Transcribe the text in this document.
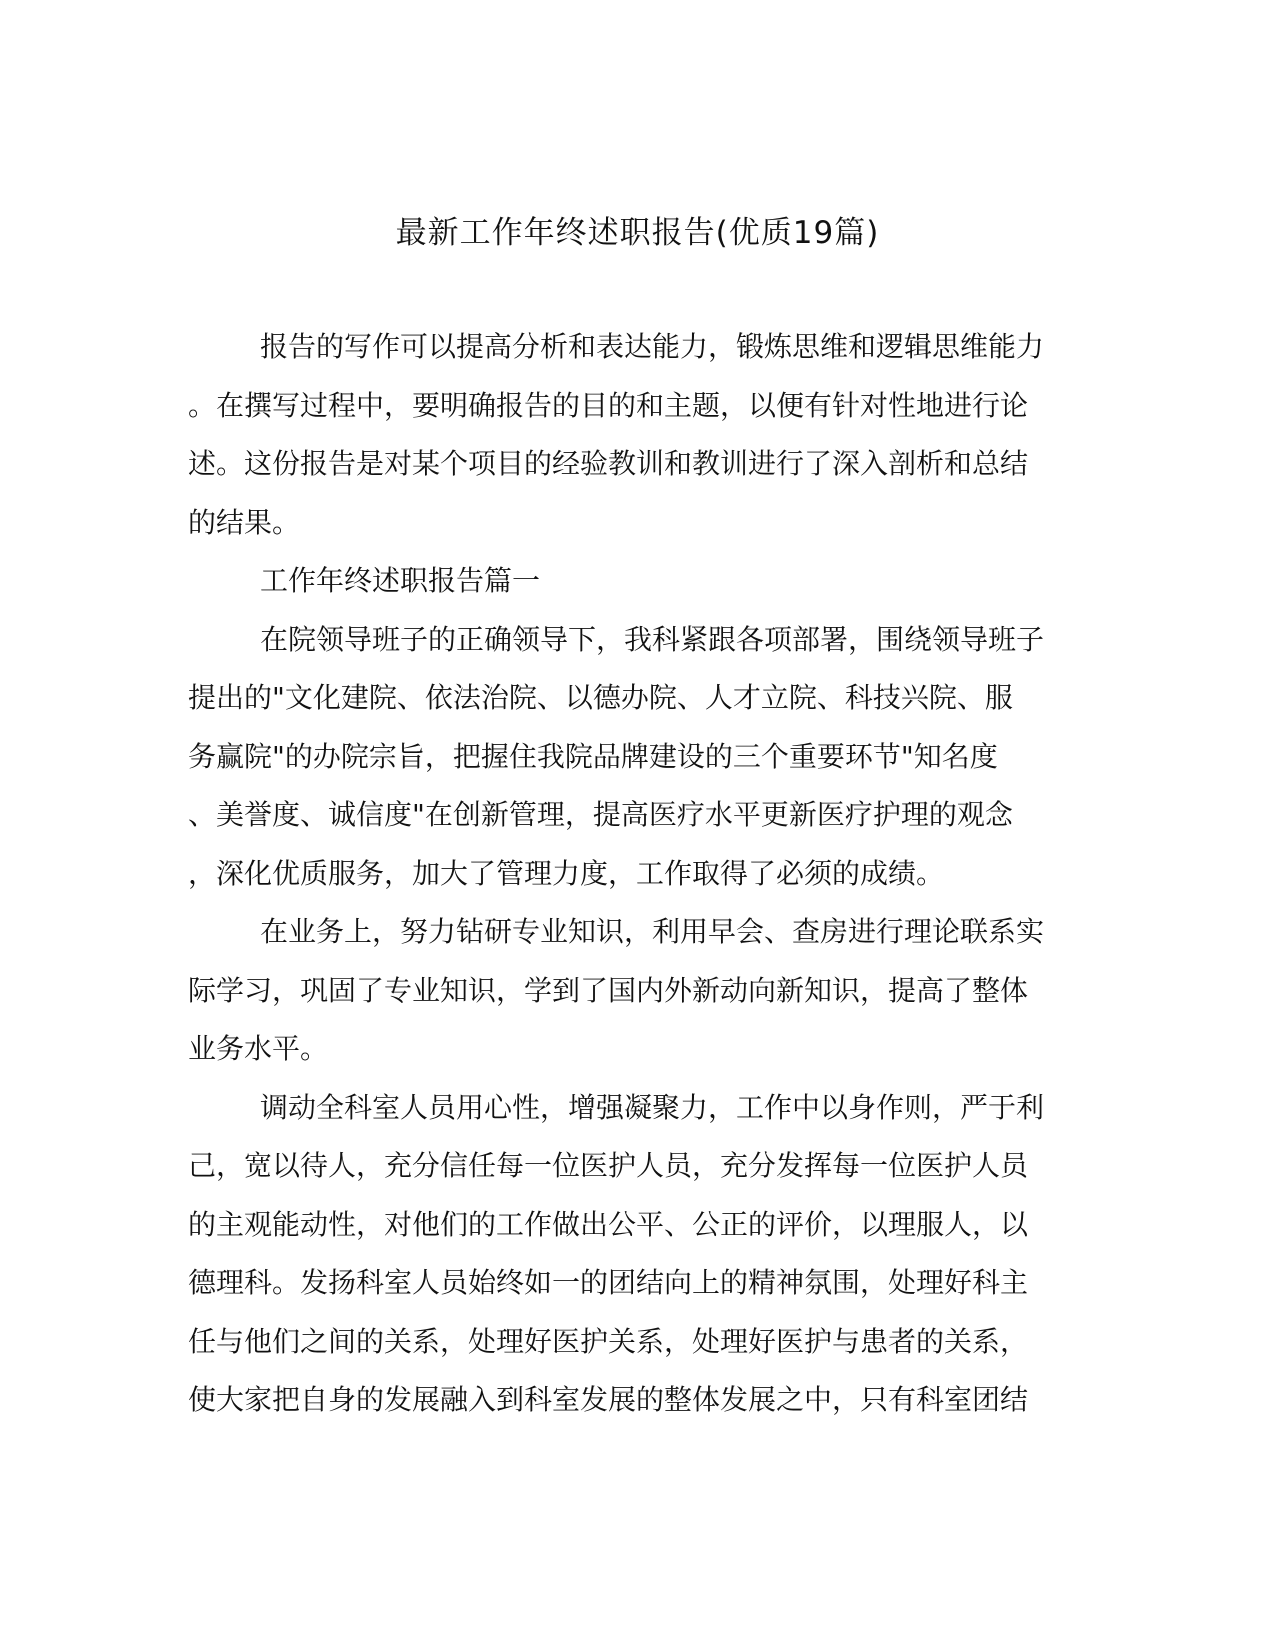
最新工作年终述职报告(优质19篇)
报告的写作可以提高分析和表达能力，锻炼思维和逻辑思维能力
。在撰写过程中，要明确报告的目的和主题，以便有针对性地进行论
述。这份报告是对某个项目的经验教训和教训进行了深入剖析和总结
的结果。
工作年终述职报告篇一
在院领导班子的正确领导下，我科紧跟各项部署，围绕领导班子
提出的"文化建院、依法治院、以德办院、人才立院、科技兴院、服
务赢院"的办院宗旨，把握住我院品牌建设的三个重要环节"知名度
、美誉度、诚信度"在创新管理，提高医疗水平更新医疗护理的观念
，深化优质服务，加大了管理力度，工作取得了必须的成绩。
在业务上，努力钻研专业知识，利用早会、查房进行理论联系实
际学习，巩固了专业知识，学到了国内外新动向新知识，提高了整体
业务水平。
调动全科室人员用心性，增强凝聚力，工作中以身作则，严于利
己，宽以待人，充分信任每一位医护人员，充分发挥每一位医护人员
的主观能动性，对他们的工作做出公平、公正的评价，以理服人，以
德理科。发扬科室人员始终如一的团结向上的精神氛围，处理好科主
任与他们之间的关系，处理好医护关系，处理好医护与患者的关系，
使大家把自身的发展融入到科室发展的整体发展之中，只有科室团结
